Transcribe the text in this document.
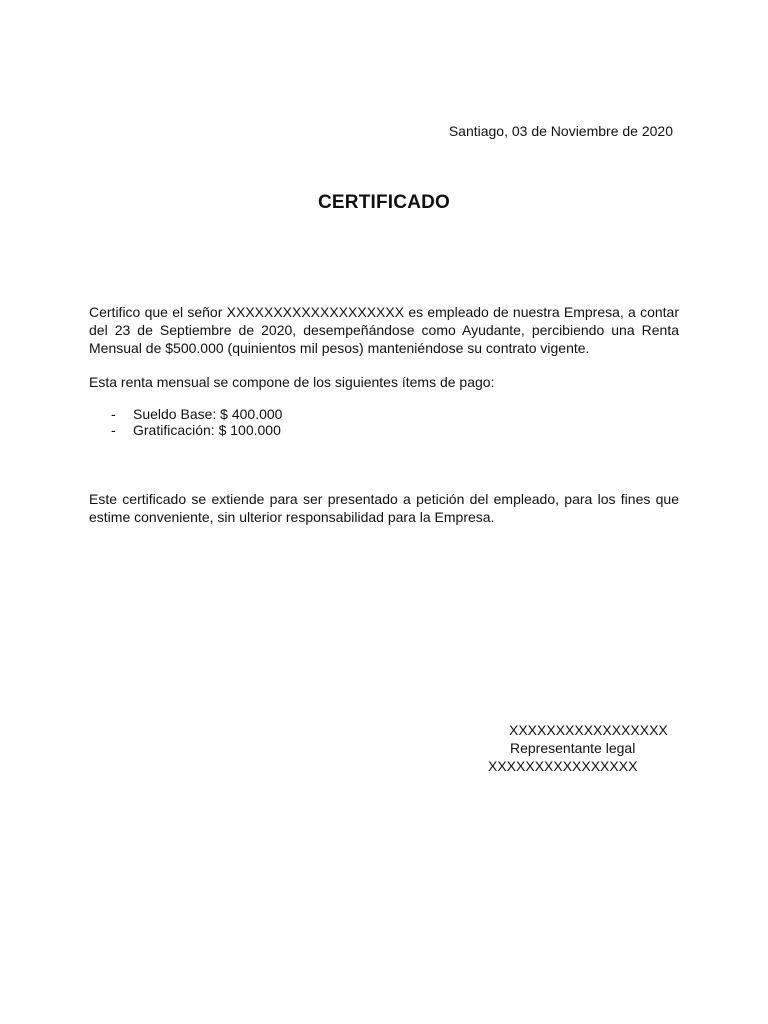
Santiago, 03 de Noviembre de 2020
CERTIFICADO
Certifico que el señor XXXXXXXXXXXXXXXXXXX es empleado de nuestra Empresa, a contar del 23 de Septiembre de 2020, desempeñándose como Ayudante, percibiendo una Renta Mensual de $500.000 (quinientos mil pesos) manteniéndose su contrato vigente.
Esta renta mensual se compone de los siguientes ítems de pago:
-	Sueldo Base: $ 400.000
-	Gratificación: $ 100.000
Este certificado se extiende para ser presentado a petición del empleado, para los fines que estime conveniente, sin ulterior responsabilidad para la Empresa.
XXXXXXXXXXXXXXXXX
Representante legal
XXXXXXXXXXXXXXXX
